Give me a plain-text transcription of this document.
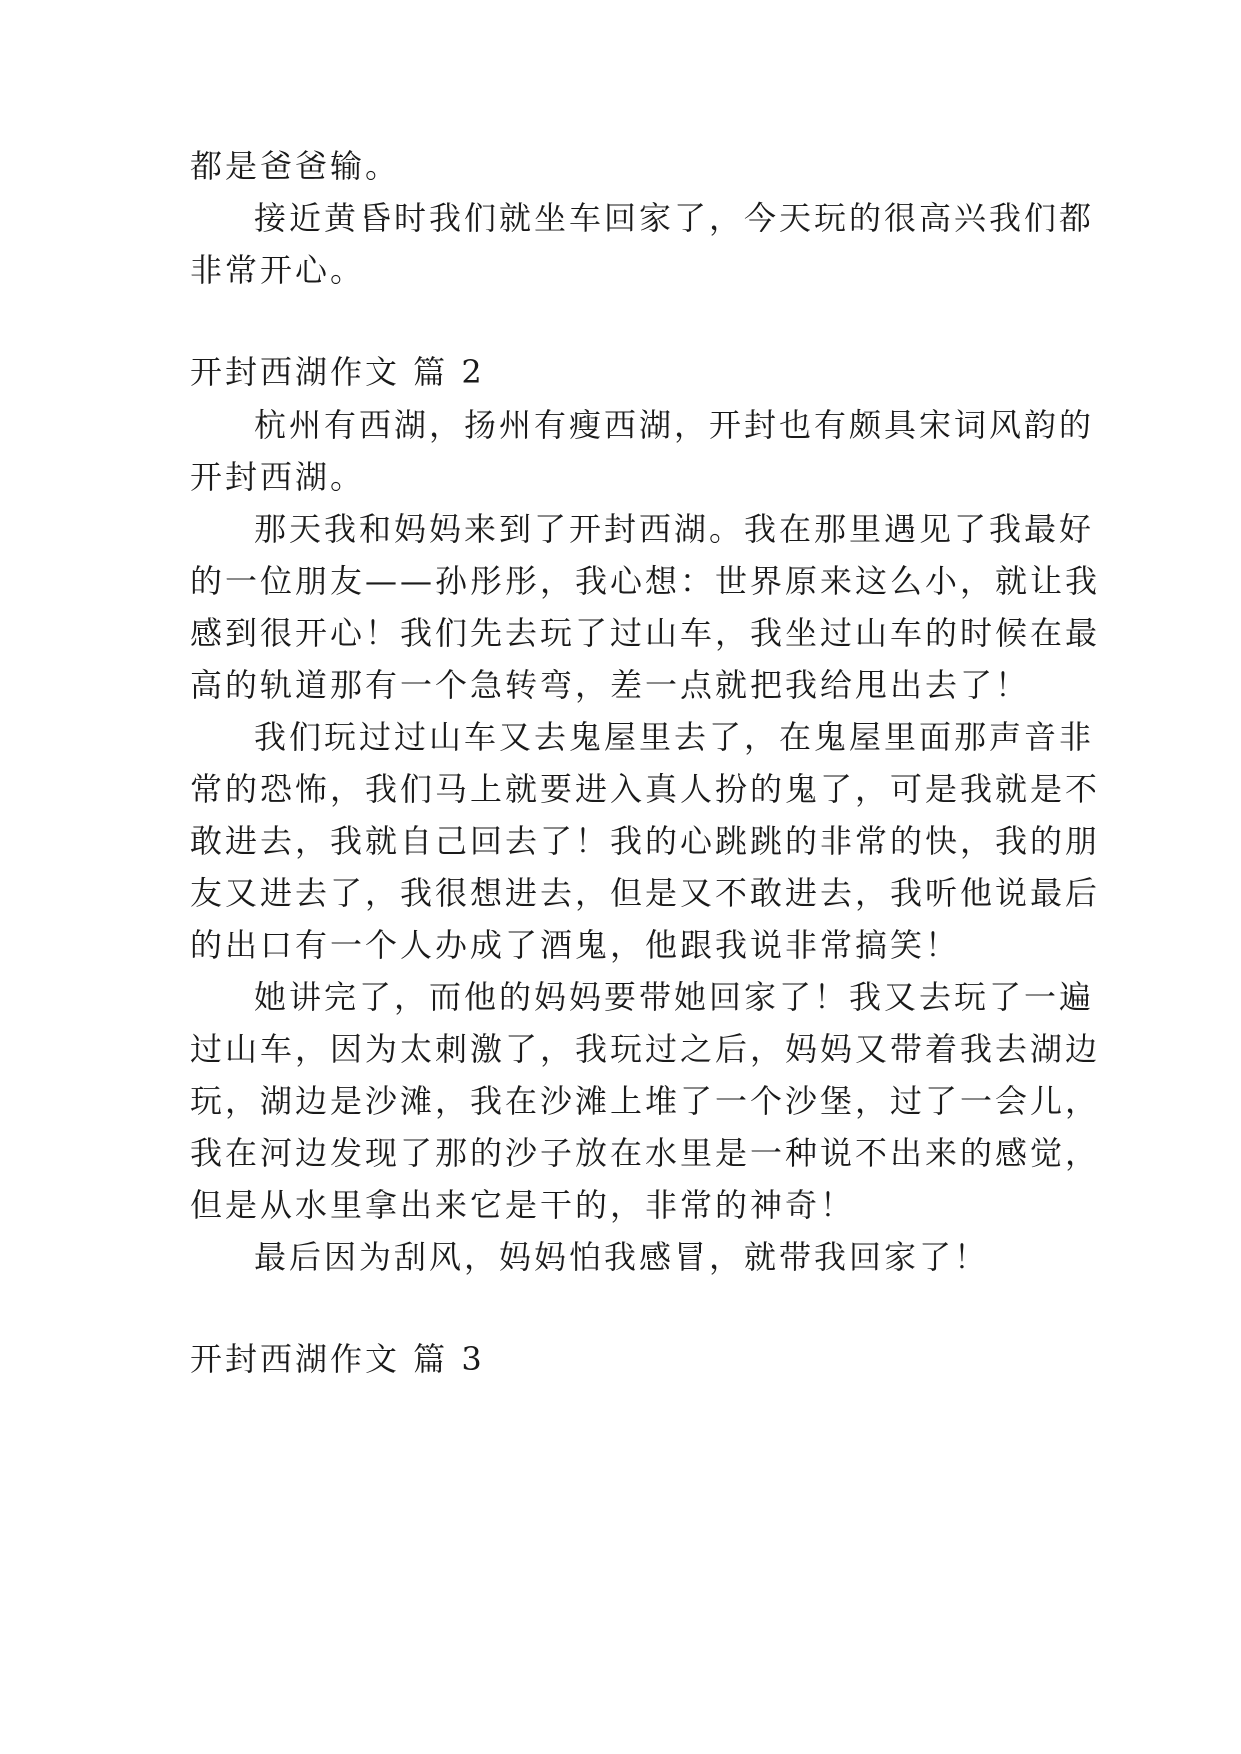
都是爸爸输。
接近黄昏时我们就坐车回家了，今天玩的很高兴我们都
非常开心。
开封西湖作文 篇 2
杭州有西湖，扬州有瘦西湖，开封也有颇具宋词风韵的
开封西湖。
那天我和妈妈来到了开封西湖。我在那里遇见了我最好
的一位朋友——孙彤彤，我心想：世界原来这么小，就让我
感到很开心！我们先去玩了过山车，我坐过山车的时候在最
高的轨道那有一个急转弯，差一点就把我给甩出去了！
我们玩过过山车又去鬼屋里去了，在鬼屋里面那声音非
常的恐怖，我们马上就要进入真人扮的鬼了，可是我就是不
敢进去，我就自己回去了！我的心跳跳的非常的快，我的朋
友又进去了，我很想进去，但是又不敢进去，我听他说最后
的出口有一个人办成了酒鬼，他跟我说非常搞笑！
她讲完了，而他的妈妈要带她回家了！我又去玩了一遍
过山车，因为太刺激了，我玩过之后，妈妈又带着我去湖边
玩，湖边是沙滩，我在沙滩上堆了一个沙堡，过了一会儿，
我在河边发现了那的沙子放在水里是一种说不出来的感觉，
但是从水里拿出来它是干的，非常的神奇！
最后因为刮风，妈妈怕我感冒，就带我回家了！
开封西湖作文 篇 3
